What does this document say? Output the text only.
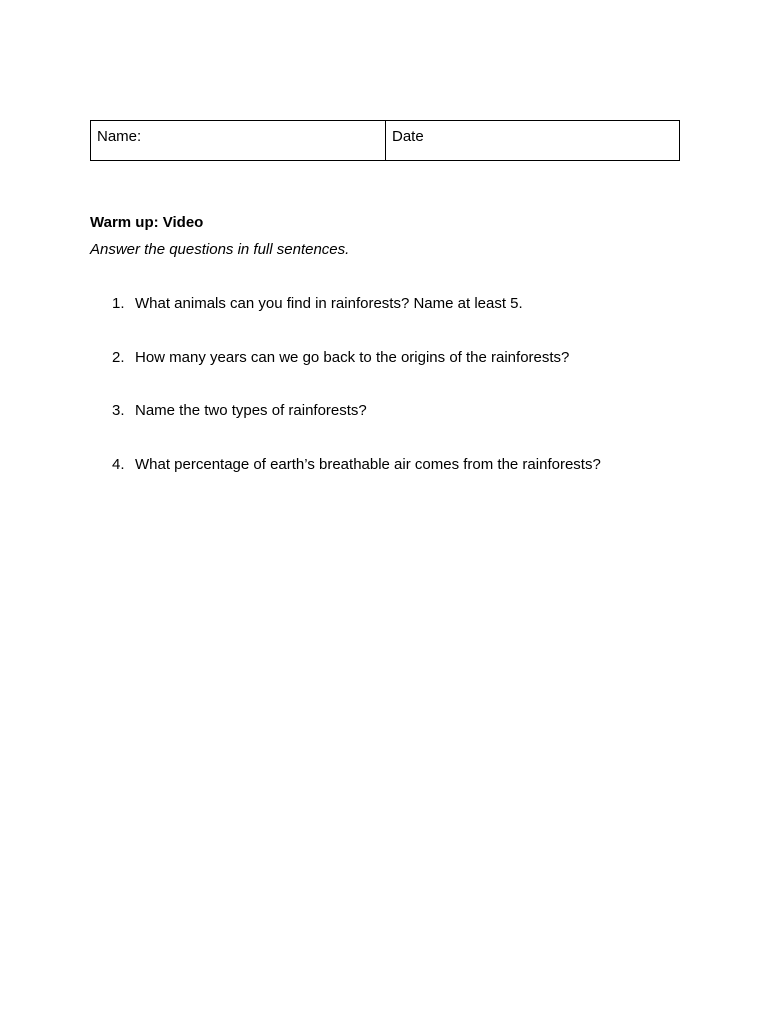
Name:	Date
Warm up: Video

Answer the questions in full sentences.

1. What animals can you find in rainforests? Name at least 5.
2. How many years can we go back to the origins of the rainforests?
3. Name the two types of rainforests?
4. What percentage of earth’s breathable air comes from the rainforests?
